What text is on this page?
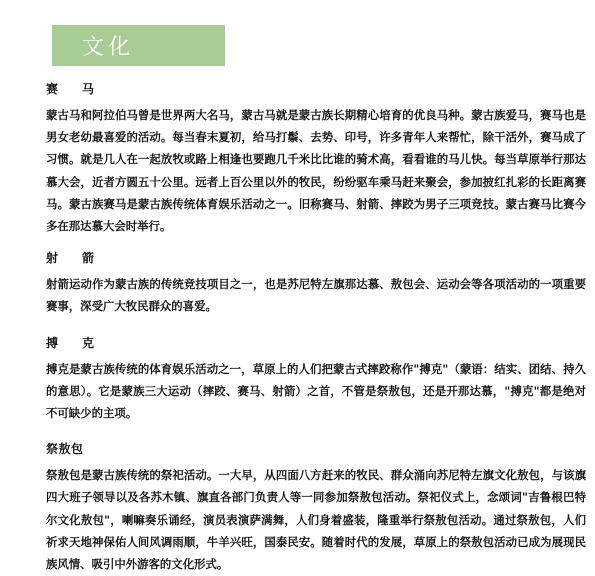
文化
赛　马

蒙古马和阿拉伯马曾是世界两大名马，蒙古马就是蒙古族长期精心培育的优良马种。蒙古族爱马，赛马也是男女老幼最喜爱的活动。每当春末夏初，给马打鬃、去势、印号，许多青年人来帮忙，除干活外，赛马成了习惯。就是几人在一起放牧或路上相逢也要跑几千米比比谁的骑术高，看看谁的马儿快。每当草原举行那达慕大会，近者方圆五十公里。远者上百公里以外的牧民，纷纷驱车乘马赶来聚会，参加披红扎彩的长距离赛马。蒙古族赛马是蒙古族传统体育娱乐活动之一。旧称赛马、射箭、摔跤为男子三项竞技。蒙古赛马比赛今多在那达慕大会时举行。

射　箭

射箭运动作为蒙古族的传统竞技项目之一，也是苏尼特左旗那达慕、敖包会、运动会等各项活动的一项重要赛事，深受广大牧民群众的喜爱。

搏　克

搏克是蒙古族传统的体育娱乐活动之一，草原上的人们把蒙古式摔跤称作"搏克"（蒙语：结实、团结、持久的意思）。它是蒙族三大运动（摔跤、赛马、射箭）之首，不管是祭敖包，还是开那达慕，"搏克"都是绝对不可缺少的主项。

祭敖包

祭敖包是蒙古族传统的祭祀活动。一大早，从四面八方赶来的牧民、群众涌向苏尼特左旗文化敖包，与该旗四大班子领导以及各苏木镇、旗直各部门负责人等一同参加祭敖包活动。祭祀仪式上，念颂词"吉鲁根巴特尔文化敖包"，喇嘛奏乐诵经，演员表演萨满舞，人们身着盛装，隆重举行祭敖包活动。通过祭敖包，人们 祈求天地神保佑人间风调雨顺，牛羊兴旺，国泰民安。随着时代的发展，草原上的祭敖包活动已成为展现民族风情、吸引中外游客的文化形式。
